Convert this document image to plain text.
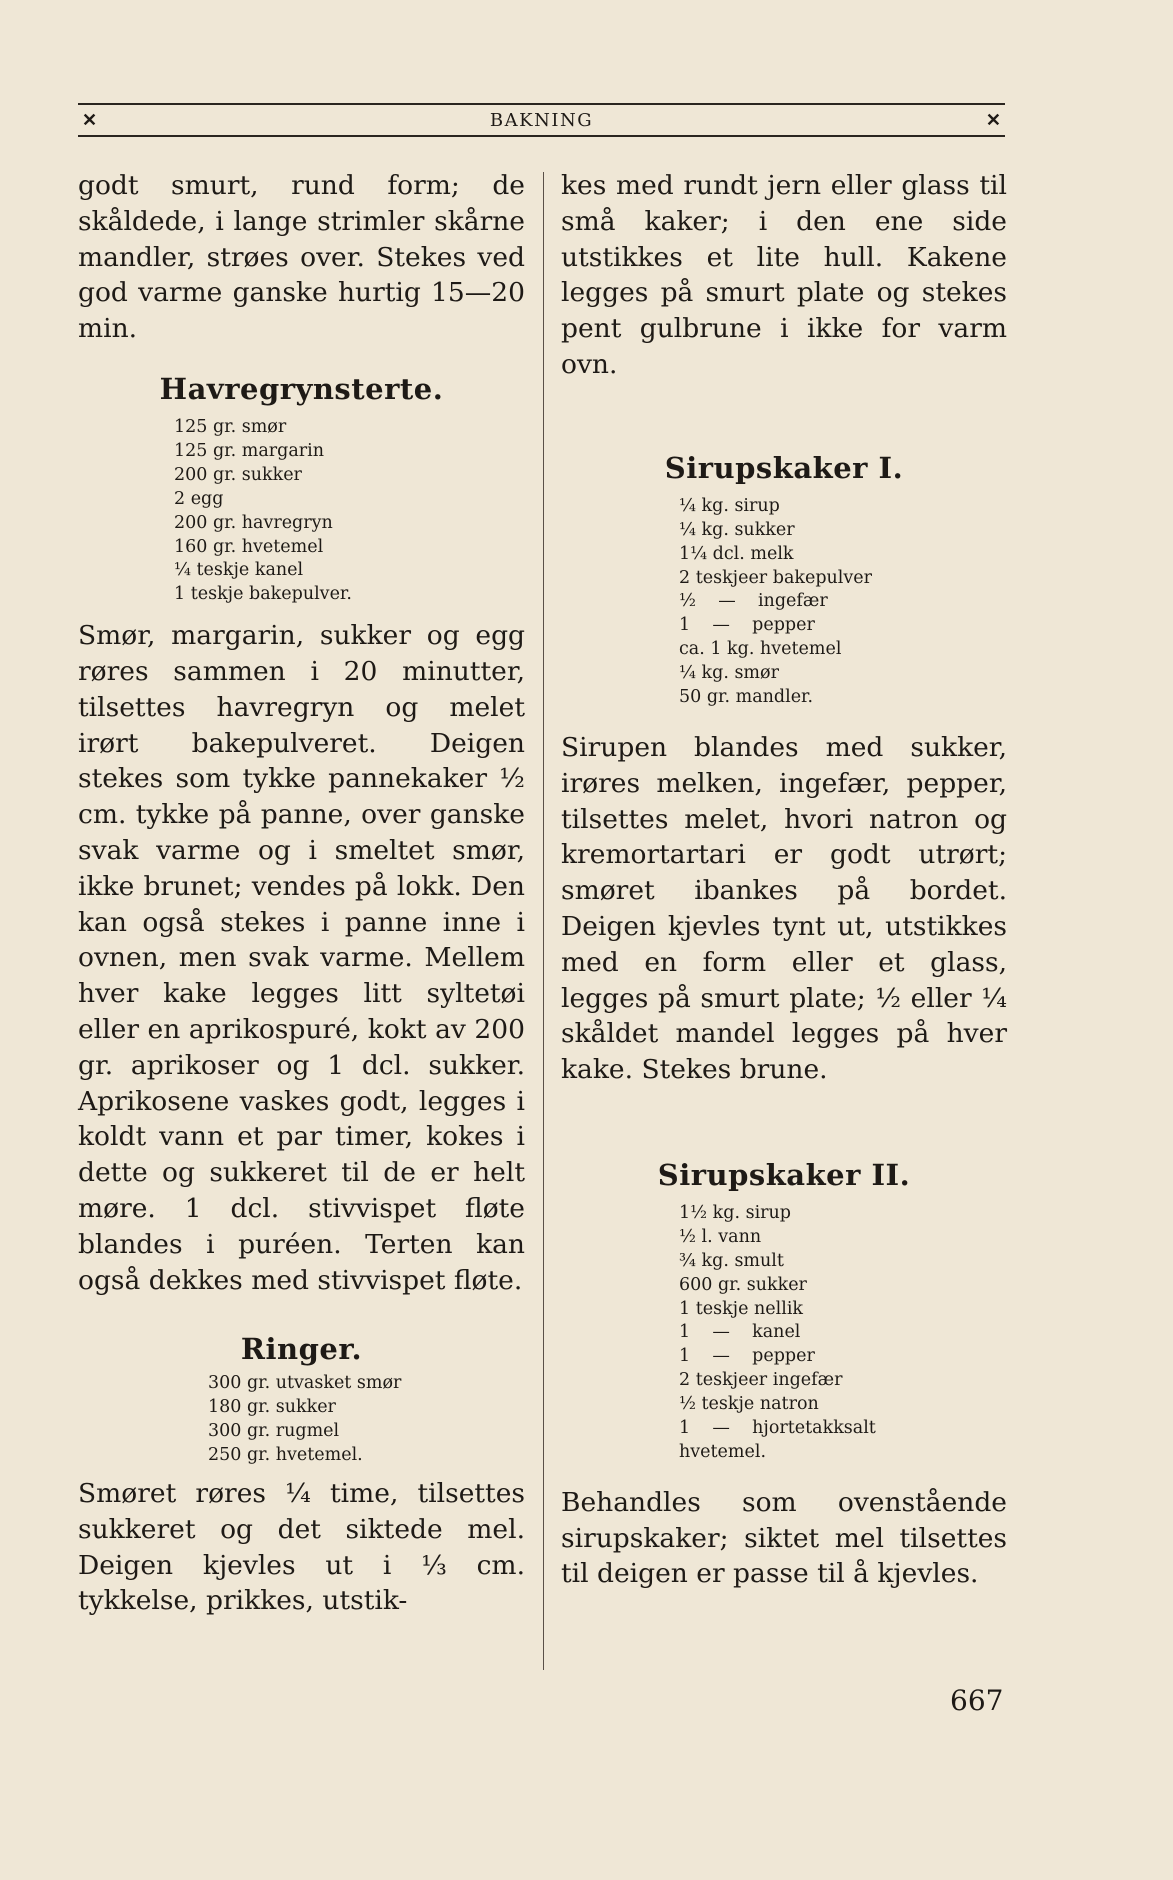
✕	BAKNING	✕

godt smurt, rund form; de skåldede, i lange strimler skårne mandler, strøes over. Stekes ved god varme ganske hurtig 15—20 min.

Havregrynsterte.
125 gr. smør
125 gr. margarin
200 gr. sukker
2 egg
200 gr. havregryn
160 gr. hvetemel
¼ teskje kanel
1 teskje bakepulver.

Smør, margarin, sukker og egg røres sammen i 20 minutter, tilsettes havregryn og melet irørt bakepulveret. Deigen stekes som tykke pannekaker ½ cm. tykke på panne, over ganske svak varme og i smeltet smør, ikke brunet; vendes på lokk. Den kan også stekes i panne inne i ovnen, men svak varme. Mellem hver kake legges litt syltetøi eller en aprikospuré, kokt av 200 gr. aprikoser og 1 dcl. sukker. Aprikosene vaskes godt, legges i koldt vann et par timer, kokes i dette og sukkeret til de er helt møre. 1 dcl. stivvispet fløte blandes i puréen. Terten kan også dekkes med stivvispet fløte.

Ringer.
300 gr. utvasket smør
180 gr. sukker
300 gr. rugmel
250 gr. hvetemel.

Smøret røres ¼ time, tilsettes sukkeret og det siktede mel. Deigen kjevles ut i ⅓ cm. tykkelse, prikkes, utstik-

kes med rundt jern eller glass til små kaker; i den ene side utstikkes et lite hull. Kakene legges på smurt plate og stekes pent gulbrune i ikke for varm ovn.

Sirupskaker I.
¼ kg. sirup
¼ kg. sukker
1¼ dcl. melk
2 teskjeer bakepulver
½    —    ingefær
1    —    pepper
ca. 1 kg. hvetemel
¼ kg. smør
50 gr. mandler.

Sirupen blandes med sukker, irøres melken, ingefær, pepper, tilsettes melet, hvori natron og kremortartari er godt utrørt; smøret ibankes på bordet. Deigen kjevles tynt ut, utstikkes med en form eller et glass, legges på smurt plate; ½ eller ¼ skåldet mandel legges på hver kake. Stekes brune.

Sirupskaker II.
1½ kg. sirup
½ l. vann
¾ kg. smult
600 gr. sukker
1 teskje nellik
1    —    kanel
1    —    pepper
2 teskjeer ingefær
½ teskje natron
1    —    hjortetakksalt
hvetemel.

Behandles som ovenstående sirupskaker; siktet mel tilsettes til deigen er passe til å kjevles.

667
